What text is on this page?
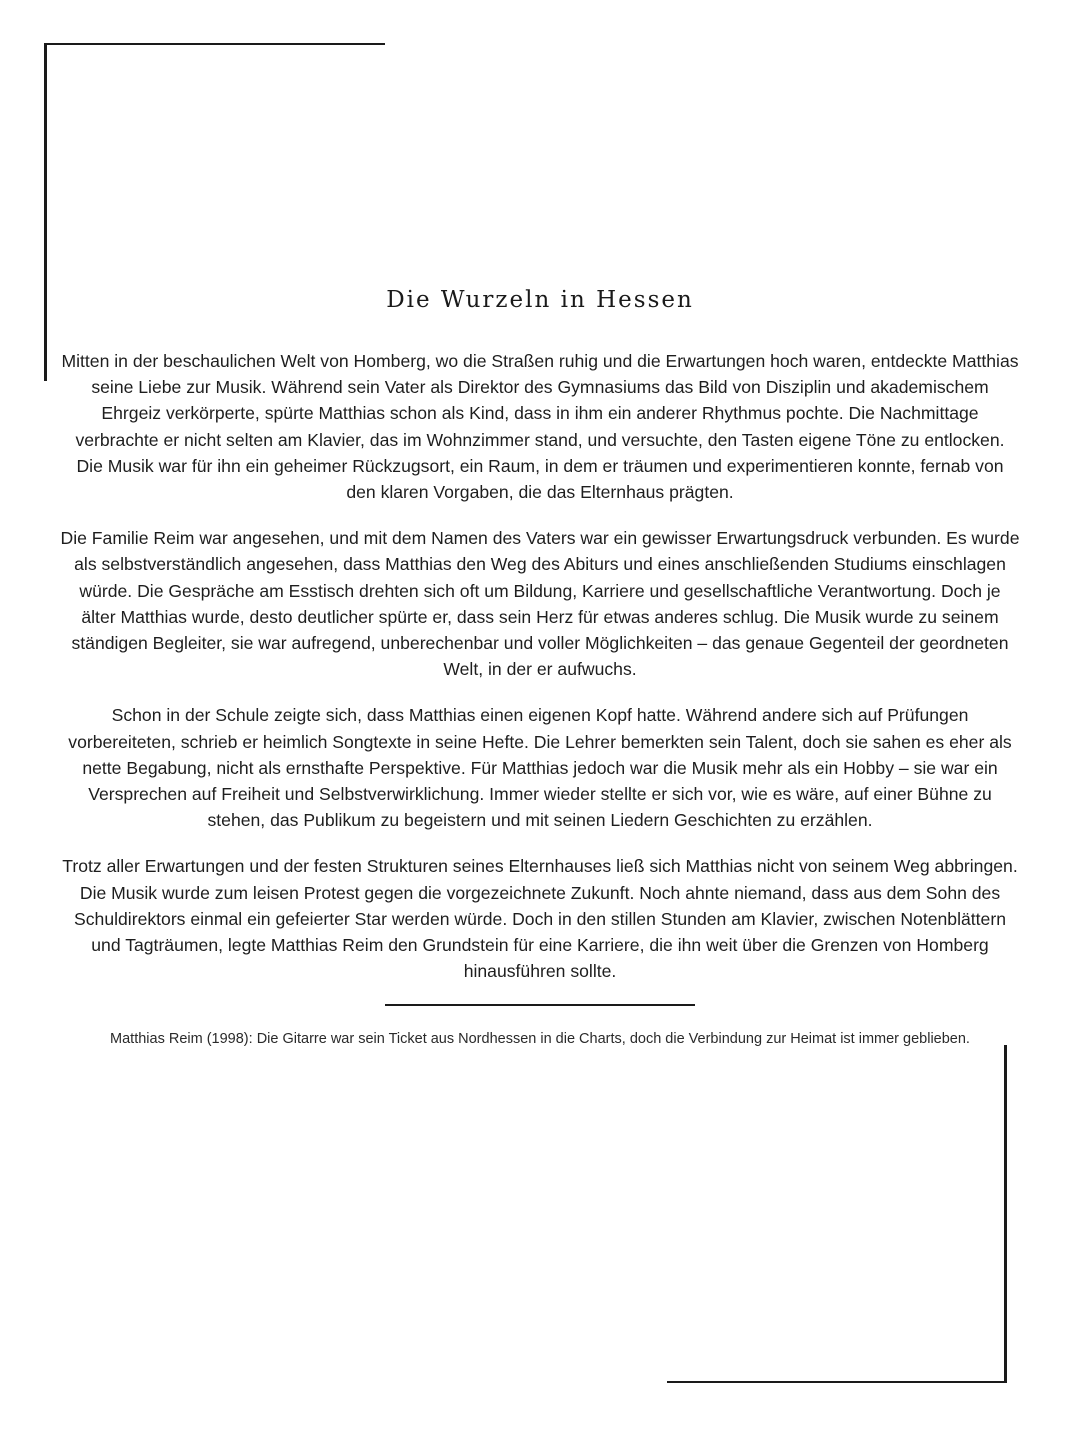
Die Wurzeln in Hessen

Mitten in der beschaulichen Welt von Homberg, wo die Straßen ruhig und die Erwartungen hoch waren, entdeckte Matthias seine Liebe zur Musik. Während sein Vater als Direktor des Gymnasiums das Bild von Disziplin und akademischem Ehrgeiz verkörperte, spürte Matthias schon als Kind, dass in ihm ein anderer Rhythmus pochte. Die Nachmittage verbrachte er nicht selten am Klavier, das im Wohnzimmer stand, und versuchte, den Tasten eigene Töne zu entlocken. Die Musik war für ihn ein geheimer Rückzugsort, ein Raum, in dem er träumen und experimentieren konnte, fernab von den klaren Vorgaben, die das Elternhaus prägten.

Die Familie Reim war angesehen, und mit dem Namen des Vaters war ein gewisser Erwartungsdruck verbunden. Es wurde als selbstverständlich angesehen, dass Matthias den Weg des Abiturs und eines anschließenden Studiums einschlagen würde. Die Gespräche am Esstisch drehten sich oft um Bildung, Karriere und gesellschaftliche Verantwortung. Doch je älter Matthias wurde, desto deutlicher spürte er, dass sein Herz für etwas anderes schlug. Die Musik wurde zu seinem ständigen Begleiter, sie war aufregend, unberechenbar und voller Möglichkeiten – das genaue Gegenteil der geordneten Welt, in der er aufwuchs.

Schon in der Schule zeigte sich, dass Matthias einen eigenen Kopf hatte. Während andere sich auf Prüfungen vorbereiteten, schrieb er heimlich Songtexte in seine Hefte. Die Lehrer bemerkten sein Talent, doch sie sahen es eher als nette Begabung, nicht als ernsthafte Perspektive. Für Matthias jedoch war die Musik mehr als ein Hobby – sie war ein Versprechen auf Freiheit und Selbstverwirklichung. Immer wieder stellte er sich vor, wie es wäre, auf einer Bühne zu stehen, das Publikum zu begeistern und mit seinen Liedern Geschichten zu erzählen.

Trotz aller Erwartungen und der festen Strukturen seines Elternhauses ließ sich Matthias nicht von seinem Weg abbringen. Die Musik wurde zum leisen Protest gegen die vorgezeichnete Zukunft. Noch ahnte niemand, dass aus dem Sohn des Schuldirektors einmal ein gefeierter Star werden würde. Doch in den stillen Stunden am Klavier, zwischen Notenblättern und Tagträumen, legte Matthias Reim den Grundstein für eine Karriere, die ihn weit über die Grenzen von Homberg hinausführen sollte.

Matthias Reim (1998): Die Gitarre war sein Ticket aus Nordhessen in die Charts, doch die Verbindung zur Heimat ist immer geblieben.
